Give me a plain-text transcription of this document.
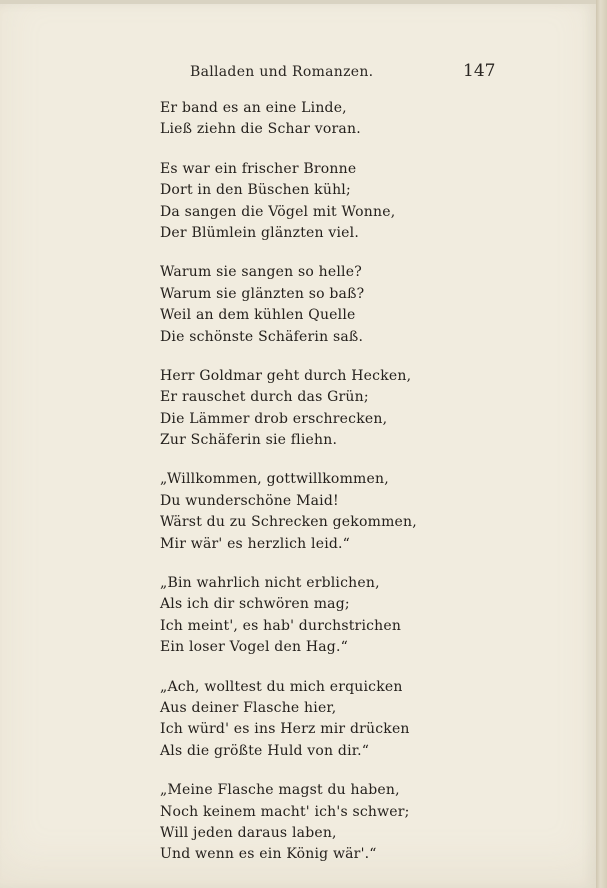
Balladen und Romanzen.	147
Er band es an eine Linde,
Ließ ziehn die Schar voran.
Es war ein frischer Bronne
Dort in den Büschen kühl;
Da sangen die Vögel mit Wonne,
Der Blümlein glänzten viel.
Warum sie sangen so helle?
Warum sie glänzten so baß?
Weil an dem kühlen Quelle
Die schönste Schäferin saß.
Herr Goldmar geht durch Hecken,
Er rauschet durch das Grün;
Die Lämmer drob erschrecken,
Zur Schäferin sie fliehn.
„Willkommen, gottwillkommen,
Du wunderschöne Maid!
Wärst du zu Schrecken gekommen,
Mir wär' es herzlich leid.“
„Bin wahrlich nicht erblichen,
Als ich dir schwören mag;
Ich meint', es hab' durchstrichen
Ein loser Vogel den Hag.“
„Ach, wolltest du mich erquicken
Aus deiner Flasche hier,
Ich würd' es ins Herz mir drücken
Als die größte Huld von dir.“
„Meine Flasche magst du haben,
Noch keinem macht' ich's schwer;
Will jeden daraus laben,
Und wenn es ein König wär'.“
